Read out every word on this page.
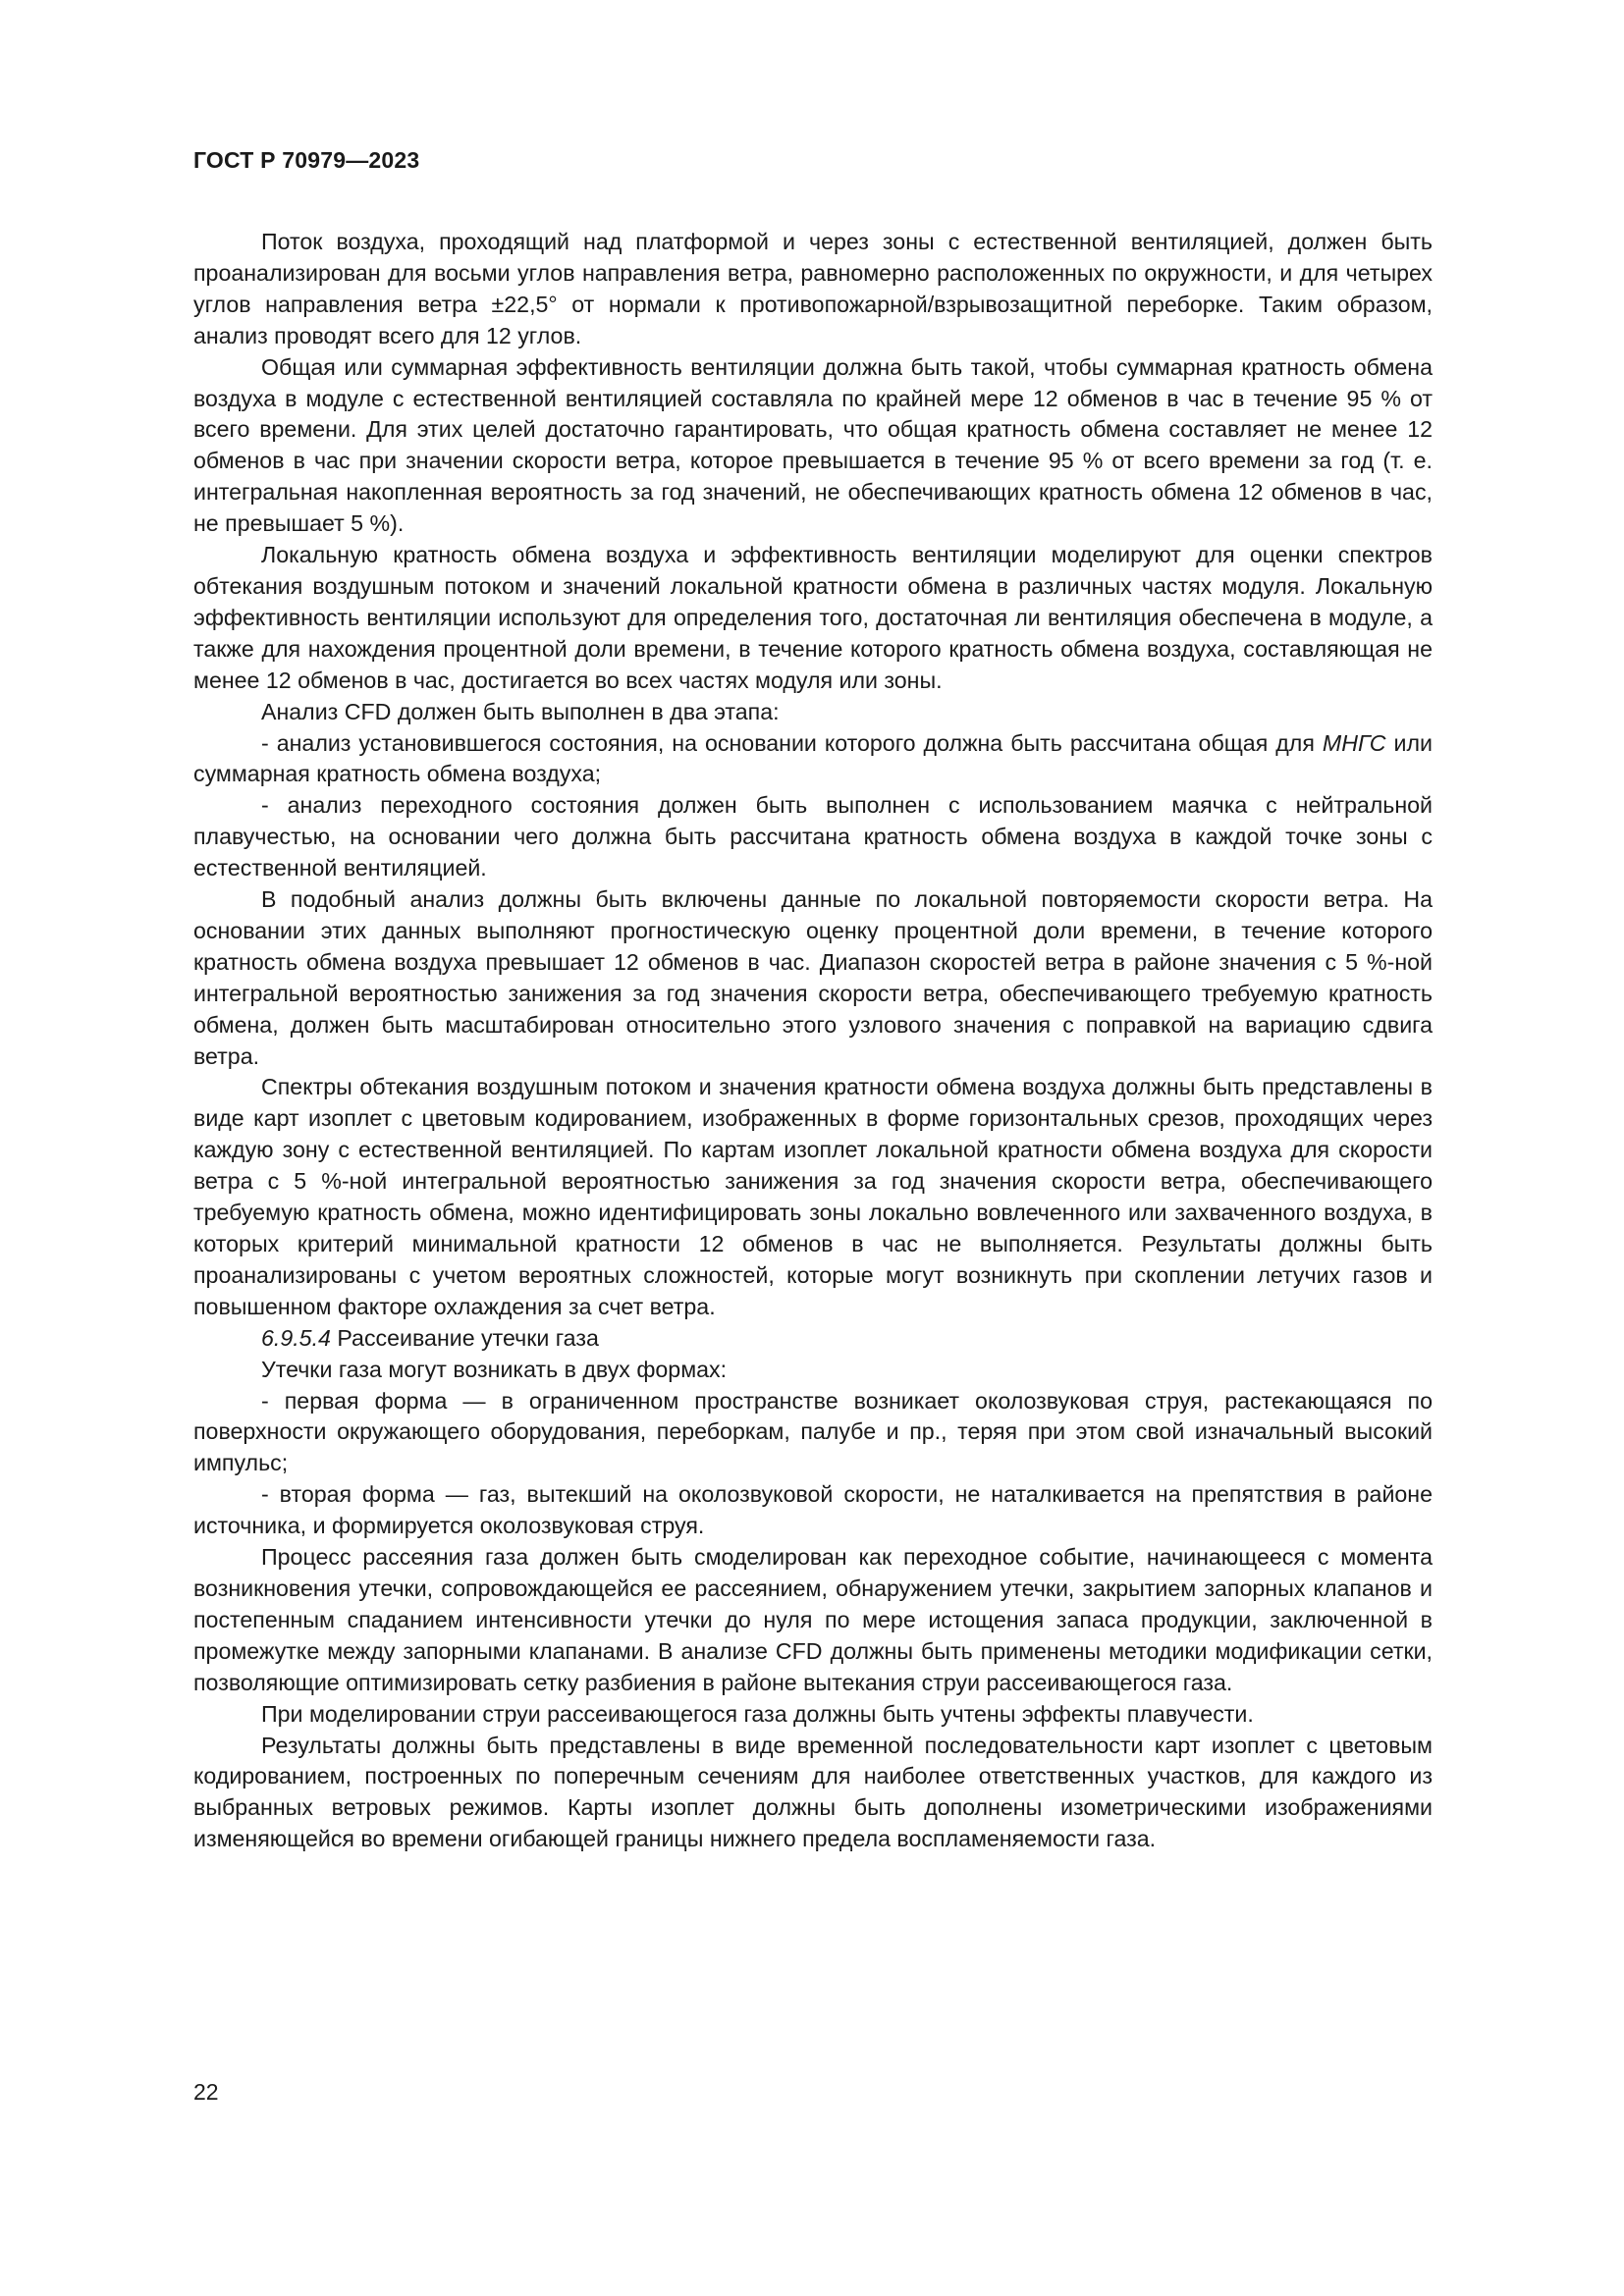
ГОСТ Р 70979—2023

Поток воздуха, проходящий над платформой и через зоны с естественной вентиляцией, должен быть проанализирован для восьми углов направления ветра, равномерно расположенных по окружности, и для четырех углов направления ветра ±22,5° от нормали к противопожарной/взрывозащитной переборке. Таким образом, анализ проводят всего для 12 углов.

Общая или суммарная эффективность вентиляции должна быть такой, чтобы суммарная кратность обмена воздуха в модуле с естественной вентиляцией составляла по крайней мере 12 обменов в час в течение 95 % от всего времени. Для этих целей достаточно гарантировать, что общая кратность обмена составляет не менее 12 обменов в час при значении скорости ветра, которое превышается в течение 95 % от всего времени за год (т. е. интегральная накопленная вероятность за год значений, не обеспечивающих кратность обмена 12 обменов в час, не превышает 5 %).

Локальную кратность обмена воздуха и эффективность вентиляции моделируют для оценки спектров обтекания воздушным потоком и значений локальной кратности обмена в различных частях модуля. Локальную эффективность вентиляции используют для определения того, достаточная ли вентиляция обеспечена в модуле, а также для нахождения процентной доли времени, в течение которого кратность обмена воздуха, составляющая не менее 12 обменов в час, достигается во всех частях модуля или зоны.

Анализ CFD должен быть выполнен в два этапа:

- анализ установившегося состояния, на основании которого должна быть рассчитана общая для МНГС или суммарная кратность обмена воздуха;

- анализ переходного состояния должен быть выполнен с использованием маячка с нейтральной плавучестью, на основании чего должна быть рассчитана кратность обмена воздуха в каждой точке зоны с естественной вентиляцией.

В подобный анализ должны быть включены данные по локальной повторяемости скорости ветра. На основании этих данных выполняют прогностическую оценку процентной доли времени, в течение которого кратность обмена воздуха превышает 12 обменов в час. Диапазон скоростей ветра в районе значения с 5 %-ной интегральной вероятностью занижения за год значения скорости ветра, обеспечивающего требуемую кратность обмена, должен быть масштабирован относительно этого узлового значения с поправкой на вариацию сдвига ветра.

Спектры обтекания воздушным потоком и значения кратности обмена воздуха должны быть представлены в виде карт изоплет с цветовым кодированием, изображенных в форме горизонтальных срезов, проходящих через каждую зону с естественной вентиляцией. По картам изоплет локальной кратности обмена воздуха для скорости ветра с 5 %-ной интегральной вероятностью занижения за год значения скорости ветра, обеспечивающего требуемую кратность обмена, можно идентифицировать зоны локально вовлеченного или захваченного воздуха, в которых критерий минимальной кратности 12 обменов в час не выполняется. Результаты должны быть проанализированы с учетом вероятных сложностей, которые могут возникнуть при скоплении летучих газов и повышенном факторе охлаждения за счет ветра.

6.9.5.4 Рассеивание утечки газа

Утечки газа могут возникать в двух формах:

- первая форма — в ограниченном пространстве возникает околозвуковая струя, растекающаяся по поверхности окружающего оборудования, переборкам, палубе и пр., теряя при этом свой изначальный высокий импульс;

- вторая форма — газ, вытекший на околозвуковой скорости, не наталкивается на препятствия в районе источника, и формируется околозвуковая струя.

Процесс рассеяния газа должен быть смоделирован как переходное событие, начинающееся с момента возникновения утечки, сопровождающейся ее рассеянием, обнаружением утечки, закрытием запорных клапанов и постепенным спаданием интенсивности утечки до нуля по мере истощения запаса продукции, заключенной в промежутке между запорными клапанами. В анализе CFD должны быть применены методики модификации сетки, позволяющие оптимизировать сетку разбиения в районе вытекания струи рассеивающегося газа.

При моделировании струи рассеивающегося газа должны быть учтены эффекты плавучести.

Результаты должны быть представлены в виде временной последовательности карт изоплет с цветовым кодированием, построенных по поперечным сечениям для наиболее ответственных участков, для каждого из выбранных ветровых режимов. Карты изоплет должны быть дополнены изометрическими изображениями изменяющейся во времени огибающей границы нижнего предела воспламеняемости газа.

22
